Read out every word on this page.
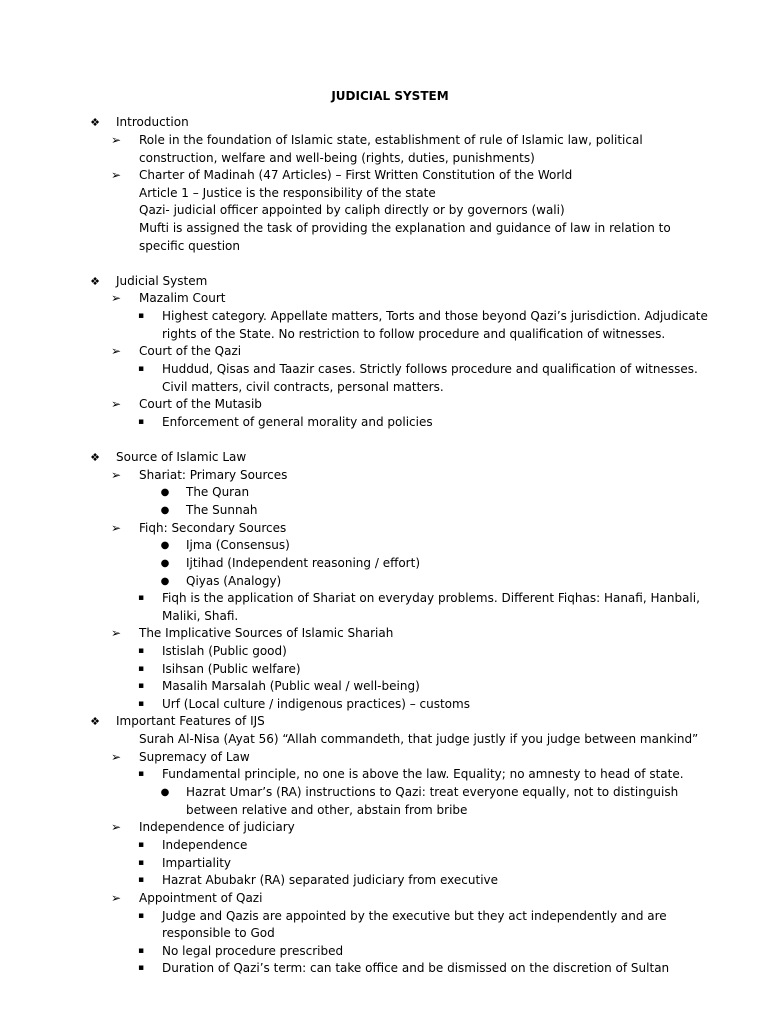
JUDICIAL SYSTEM
❖ Introduction
➢ Role in the foundation of Islamic state, establishment of rule of Islamic law, political
construction, welfare and well-being (rights, duties, punishments)
➢ Charter of Madinah (47 Articles) – First Written Constitution of the World
Article 1 – Justice is the responsibility of the state
Qazi- judicial officer appointed by caliph directly or by governors (wali)
Mufti is assigned the task of providing the explanation and guidance of law in relation to
specific question
❖ Judicial System
➢ Mazalim Court
▪	Highest category. Appellate matters, Torts and those beyond Qazi’s jurisdiction. Adjudicate
rights of the State. No restriction to follow procedure and qualification of witnesses.
➢ Court of the Qazi
▪	Huddud, Qisas and Taazir cases. Strictly follows procedure and qualification of witnesses.
Civil matters, civil contracts, personal matters.
➢ Court of the Mutasib
▪	Enforcement of general morality and policies
❖ Source of Islamic Law
➢ Shariat: Primary Sources
● The Quran
● The Sunnah
➢ Fiqh: Secondary Sources
● Ijma (Consensus)
● Ijtihad (Independent reasoning / effort)
● Qiyas (Analogy)
▪	Fiqh is the application of Shariat on everyday problems. Different Fiqhas: Hanafi, Hanbali,
Maliki, Shafi.
➢ The Implicative Sources of Islamic Shariah
▪	Istislah (Public good)
▪	Isihsan (Public welfare)
▪	Masalih Marsalah (Public weal / well-being)
▪	Urf (Local culture / indigenous practices) – customs
❖ Important Features of IJS
Surah Al-Nisa (Ayat 56) “Allah commandeth, that judge justly if you judge between mankind”
➢ Supremacy of Law
▪	Fundamental principle, no one is above the law. Equality; no amnesty to head of state.
● Hazrat Umar’s (RA) instructions to Qazi: treat everyone equally, not to distinguish
between relative and other, abstain from bribe
➢ Independence of judiciary
▪	Independence
▪	Impartiality
▪	Hazrat Abubakr (RA) separated judiciary from executive
➢ Appointment of Qazi
▪	Judge and Qazis are appointed by the executive but they act independently and are
responsible to God
▪	No legal procedure prescribed
▪	Duration of Qazi’s term: can take office and be dismissed on the discretion of Sultan
